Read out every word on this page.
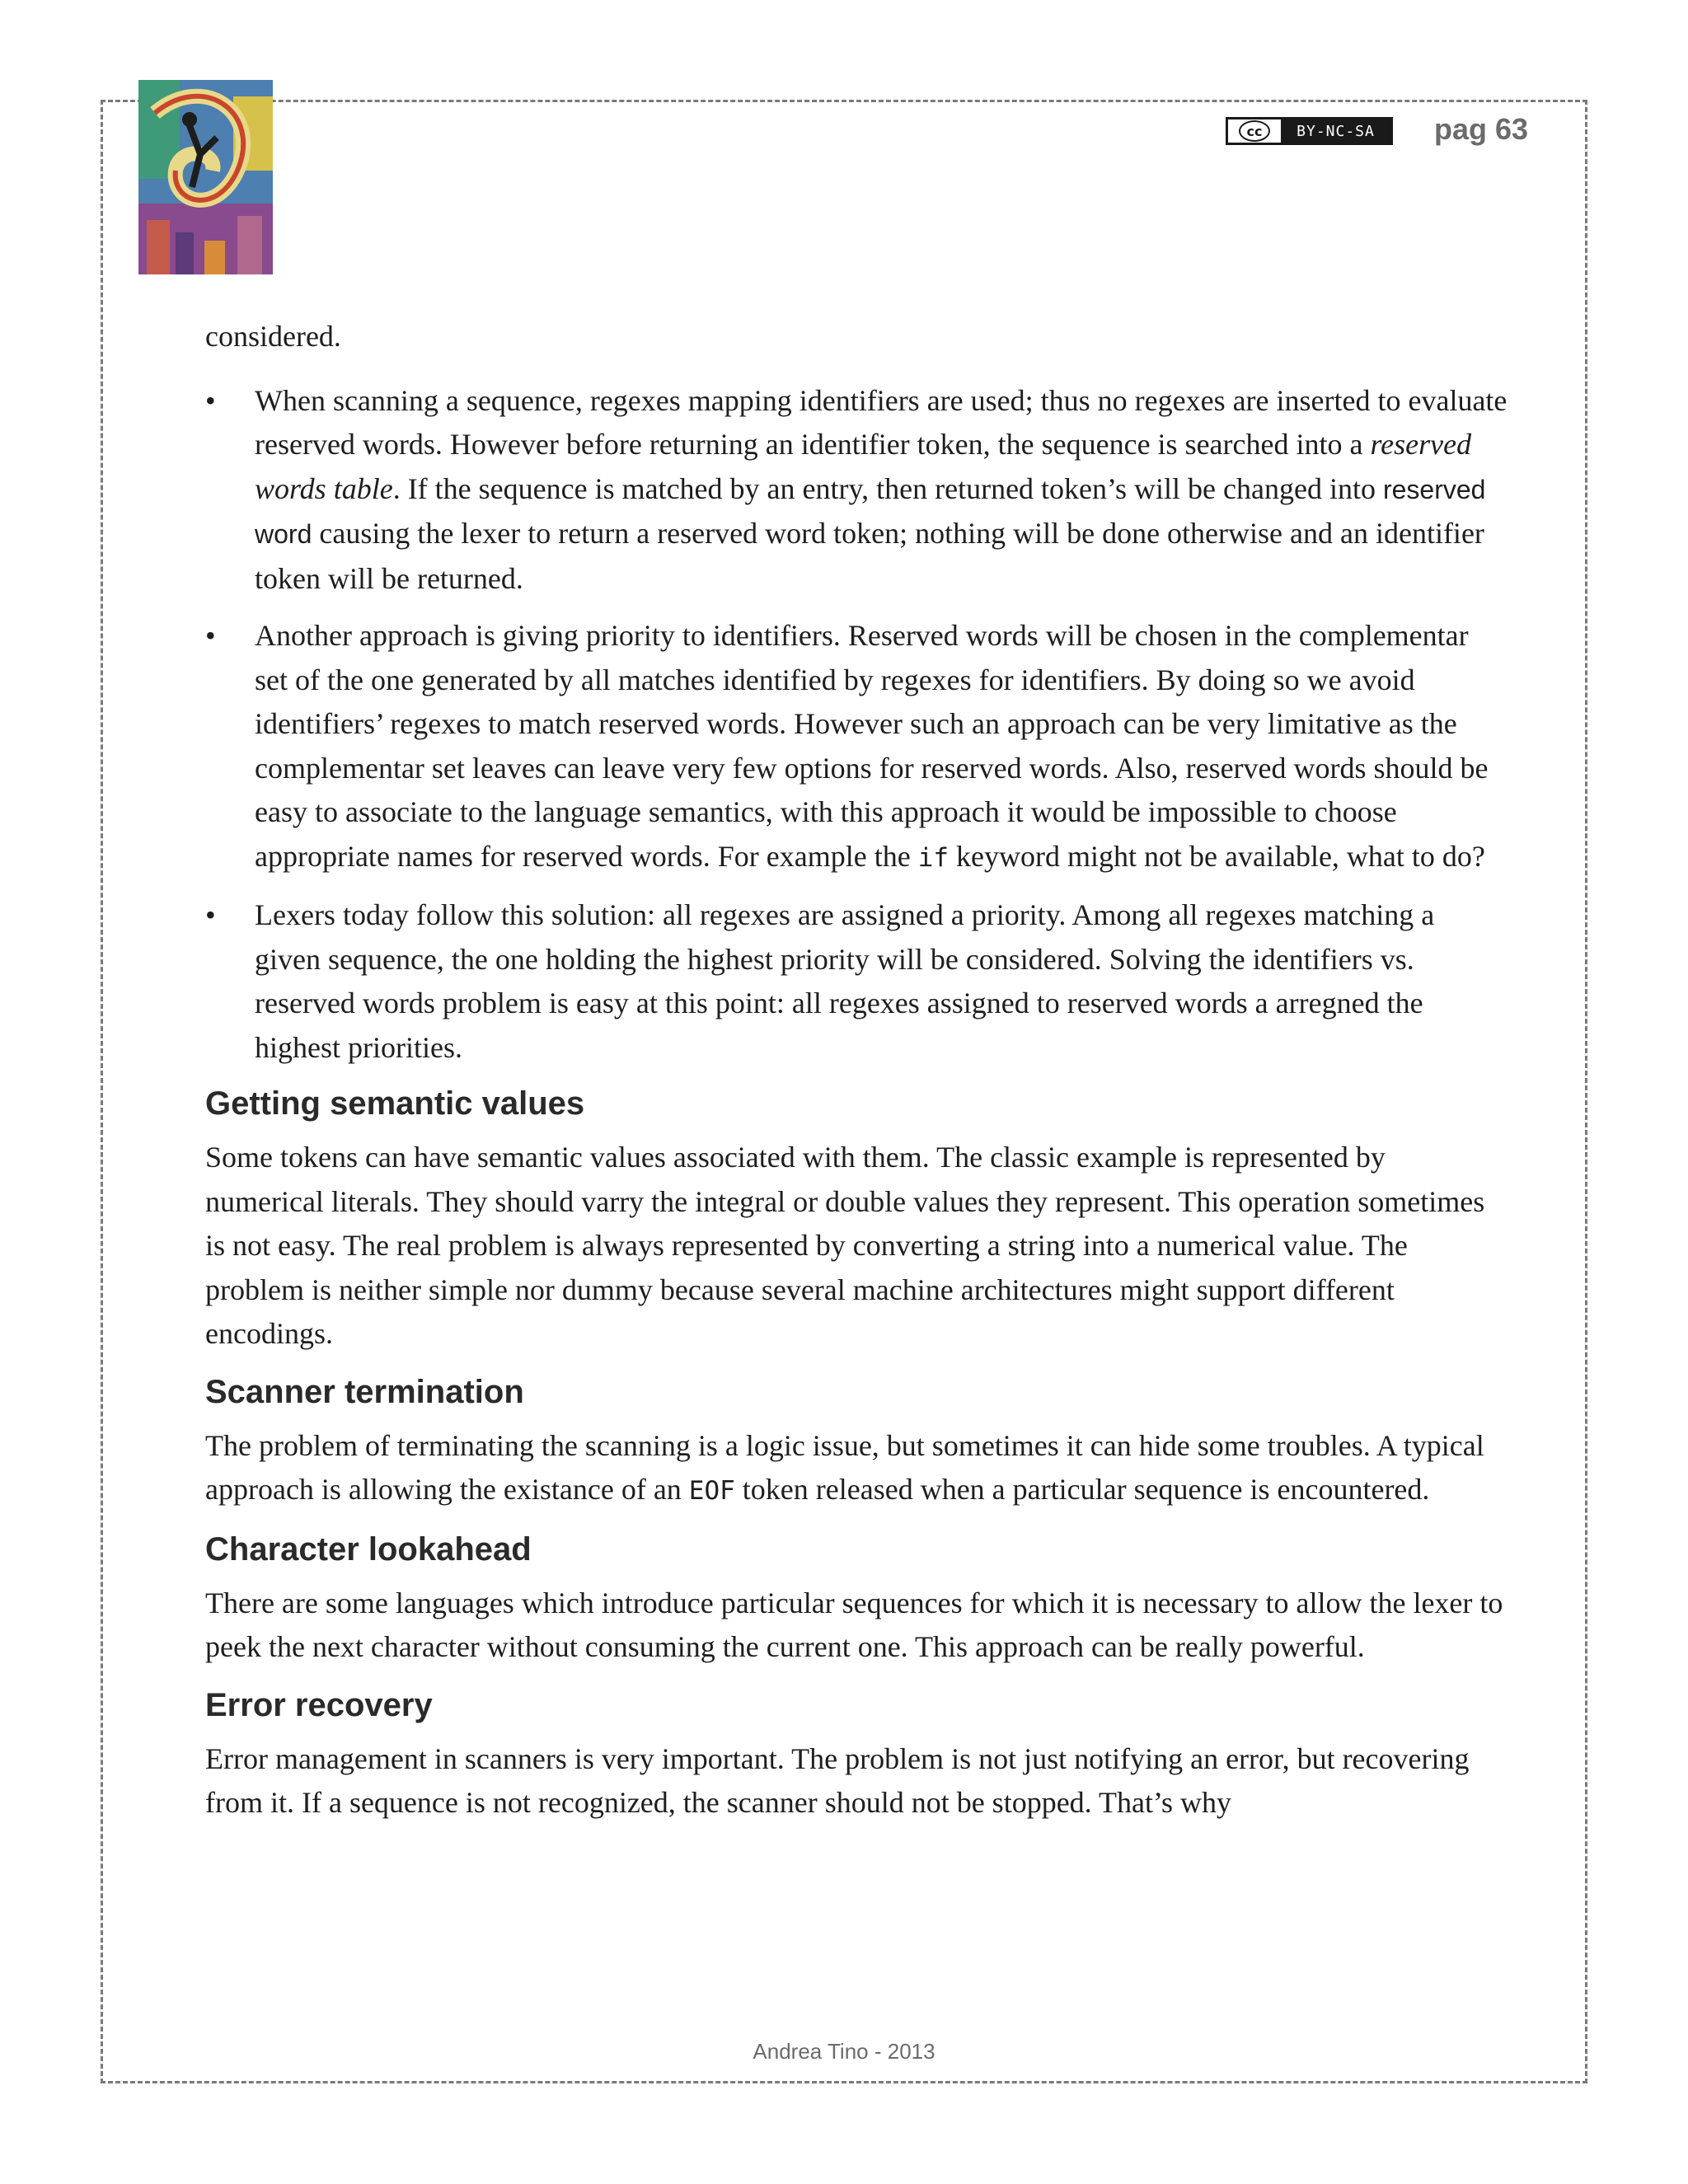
cc	BY-NC-SA	pag 63

considered.

• When scanning a sequence, regexes mapping identifiers are used; thus no regexes are inserted to evaluate reserved words. However before returning an identifier token, the sequence is searched into a reserved words table. If the sequence is matched by an entry, then returned token’s will be changed into reserved word causing the lexer to return a reserved word token; nothing will be done otherwise and an identifier token will be returned.
• Another approach is giving priority to identifiers. Reserved words will be chosen in the complementar set of the one generated by all matches identified by regexes for identifiers. By doing so we avoid identifiers’ regexes to match reserved words. However such an approach can be very limitative as the complementar set leaves can leave very few options for reserved words. Also, reserved words should be easy to associate to the language semantics, with this approach it would be impossible to choose appropriate names for reserved words. For example the if keyword might not be available, what to do?
• Lexers today follow this solution: all regexes are assigned a priority. Among all regexes matching a given sequence, the one holding the highest priority will be considered. Solving the identifiers vs. reserved words problem is easy at this point: all regexes assigned to reserved words a arregned the highest priorities.
Getting semantic values

Some tokens can have semantic values associated with them. The classic example is represented by numerical literals. They should varry the integral or double values they represent. This operation sometimes is not easy. The real problem is always represented by converting a string into a numerical value. The problem is neither simple nor dummy because several machine architectures might support different encodings.

Scanner termination

The problem of terminating the scanning is a logic issue, but sometimes it can hide some troubles. A typical approach is allowing the existance of an EOF token released when a particular sequence is encountered.

Character lookahead

There are some languages which introduce particular sequences for which it is necessary to allow the lexer to peek the next character without consuming the current one. This approach can be really powerful.

Error recovery

Error management in scanners is very important. The problem is not just notifying an error, but recovering from it. If a sequence is not recognized, the scanner should not be stopped. That’s why

Andrea Tino - 2013
